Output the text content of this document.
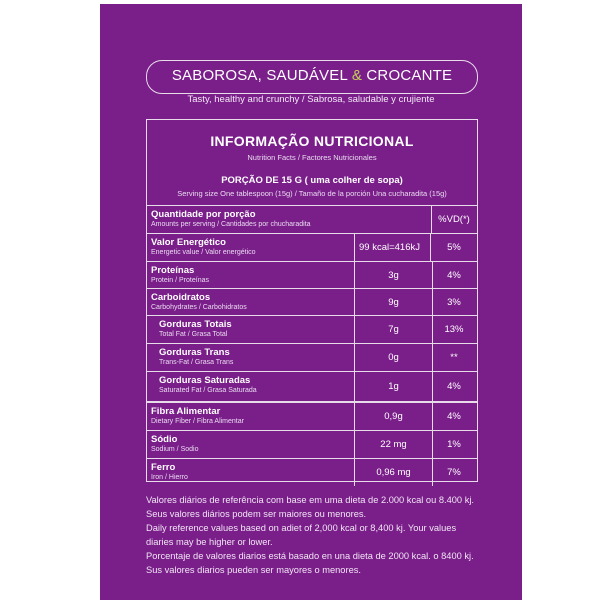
SABOROSA, SAUDÁVEL & CROCANTE
Tasty, healthy and crunchy / Sabrosa, saludable y crujiente
INFORMAÇÃO NUTRICIONAL
Nutrition Facts / Factores Nutricionales
PORÇÃO DE 15 G ( uma colher de sopa)
Serving size One tablespoon (15g) / Tamaño de la porción Una cucharadita (15g)
Quantidade por porção
Amounts per serving / Cantidades por chucharadita	%VD(*)
Valor Energético
Energetic value / Valor energético	99 kcal=416kJ	5%
Proteínas
Protein / Proteínas	3g	4%
Carboidratos
Carbohydrates / Carbohidratos	9g	3%
Gorduras Totais
Total Fat / Grasa Total	7g	13%
Gorduras Trans
Trans-Fat / Grasa Trans	0g	**
Gorduras Saturadas
Saturated Fat / Grasa Saturada	1g	4%
Fibra Alimentar
Dietary Fiber / Fibra Alimentar	0,9g	4%
Sódio
Sodium / Sodio	22 mg	1%
Ferro
Iron / Hierro	0,96 mg	7%

Valores diários de referência com base em uma dieta de 2.000 kcal ou 8.400 kj. Seus valores diários podem ser maiores ou menores.

Daily reference values based on adiet of 2,000 kcal or 8,400 kj. Your values diaries may be higher or lower.

Porcentaje de valores diarios está basado en una dieta de 2000 kcal. o 8400 kj. Sus valores diarios pueden ser mayores o menores.
